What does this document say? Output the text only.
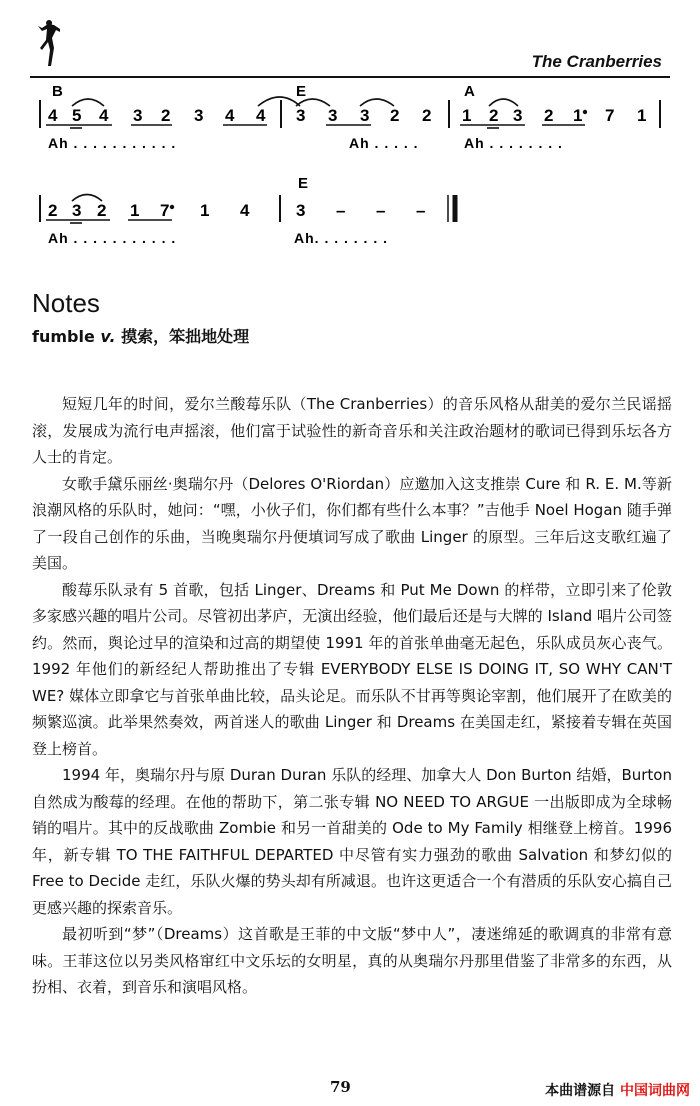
The Cranberries
B	E	A
4 5 4 3 2 3 4 4 3 3 3 2 2 1 2 3 2 1 7 1
Ah . . . . . . . . . . .	Ah . . . . .	Ah . . . . . . . .
E
2 3 2 1 7 1 4	3 – – –
Ah . . . . . . . . . . .	Ah. . . . . . . .
Notes
fumble v. 摸索，笨拙地处理

短短几年的时间，爱尔兰酸莓乐队（The Cranberries）的音乐风格从甜美的爱尔兰民谣摇滚，发展成为流行电声摇滚，他们富于试验性的新奇音乐和关注政治题材的歌词已得到乐坛各方人士的肯定。

女歌手黛乐丽丝·奥瑞尔丹（Delores O'Riordan）应邀加入这支推崇 Cure 和 R. E. M.等新浪潮风格的乐队时，她问：“嘿，小伙子们，你们都有些什么本事？”吉他手 Noel Hogan 随手弹了一段自己创作的乐曲，当晚奥瑞尔丹便填词写成了歌曲 Linger 的原型。三年后这支歌红遍了美国。

酸莓乐队录有 5 首歌，包括 Linger、Dreams 和 Put Me Down 的样带，立即引来了伦敦多家感兴趣的唱片公司。尽管初出茅庐，无演出经验，他们最后还是与大牌的 Island 唱片公司签约。然而，舆论过早的渲染和过高的期望使 1991 年的首张单曲毫无起色，乐队成员灰心丧气。1992 年他们的新经纪人帮助推出了专辑 EVERYBODY ELSE IS DOING IT, SO WHY CAN'T WE? 媒体立即拿它与首张单曲比较，品头论足。而乐队不甘再等舆论宰割，他们展开了在欧美的频繁巡演。此举果然奏效，两首迷人的歌曲 Linger 和 Dreams 在美国走红，紧接着专辑在英国登上榜首。

1994 年，奥瑞尔丹与原 Duran Duran 乐队的经理、加拿大人 Don Burton 结婚，Burton 自然成为酸莓的经理。在他的帮助下，第二张专辑 NO NEED TO ARGUE 一出版即成为全球畅销的唱片。其中的反战歌曲 Zombie 和另一首甜美的 Ode to My Family 相继登上榜首。1996 年，新专辑 TO THE FAITHFUL DEPARTED 中尽管有实力强劲的歌曲 Salvation 和梦幻似的 Free to Decide 走红，乐队火爆的势头却有所减退。也许这更适合一个有潜质的乐队安心搞自己更感兴趣的探索音乐。

最初听到“梦”（Dreams）这首歌是王菲的中文版“梦中人”，凄迷绵延的歌调真的非常有意味。王菲这位以另类风格窜红中文乐坛的女明星，真的从奥瑞尔丹那里借鉴了非常多的东西，从扮相、衣着，到音乐和演唱风格。

79	本曲谱源自 中国词曲网
